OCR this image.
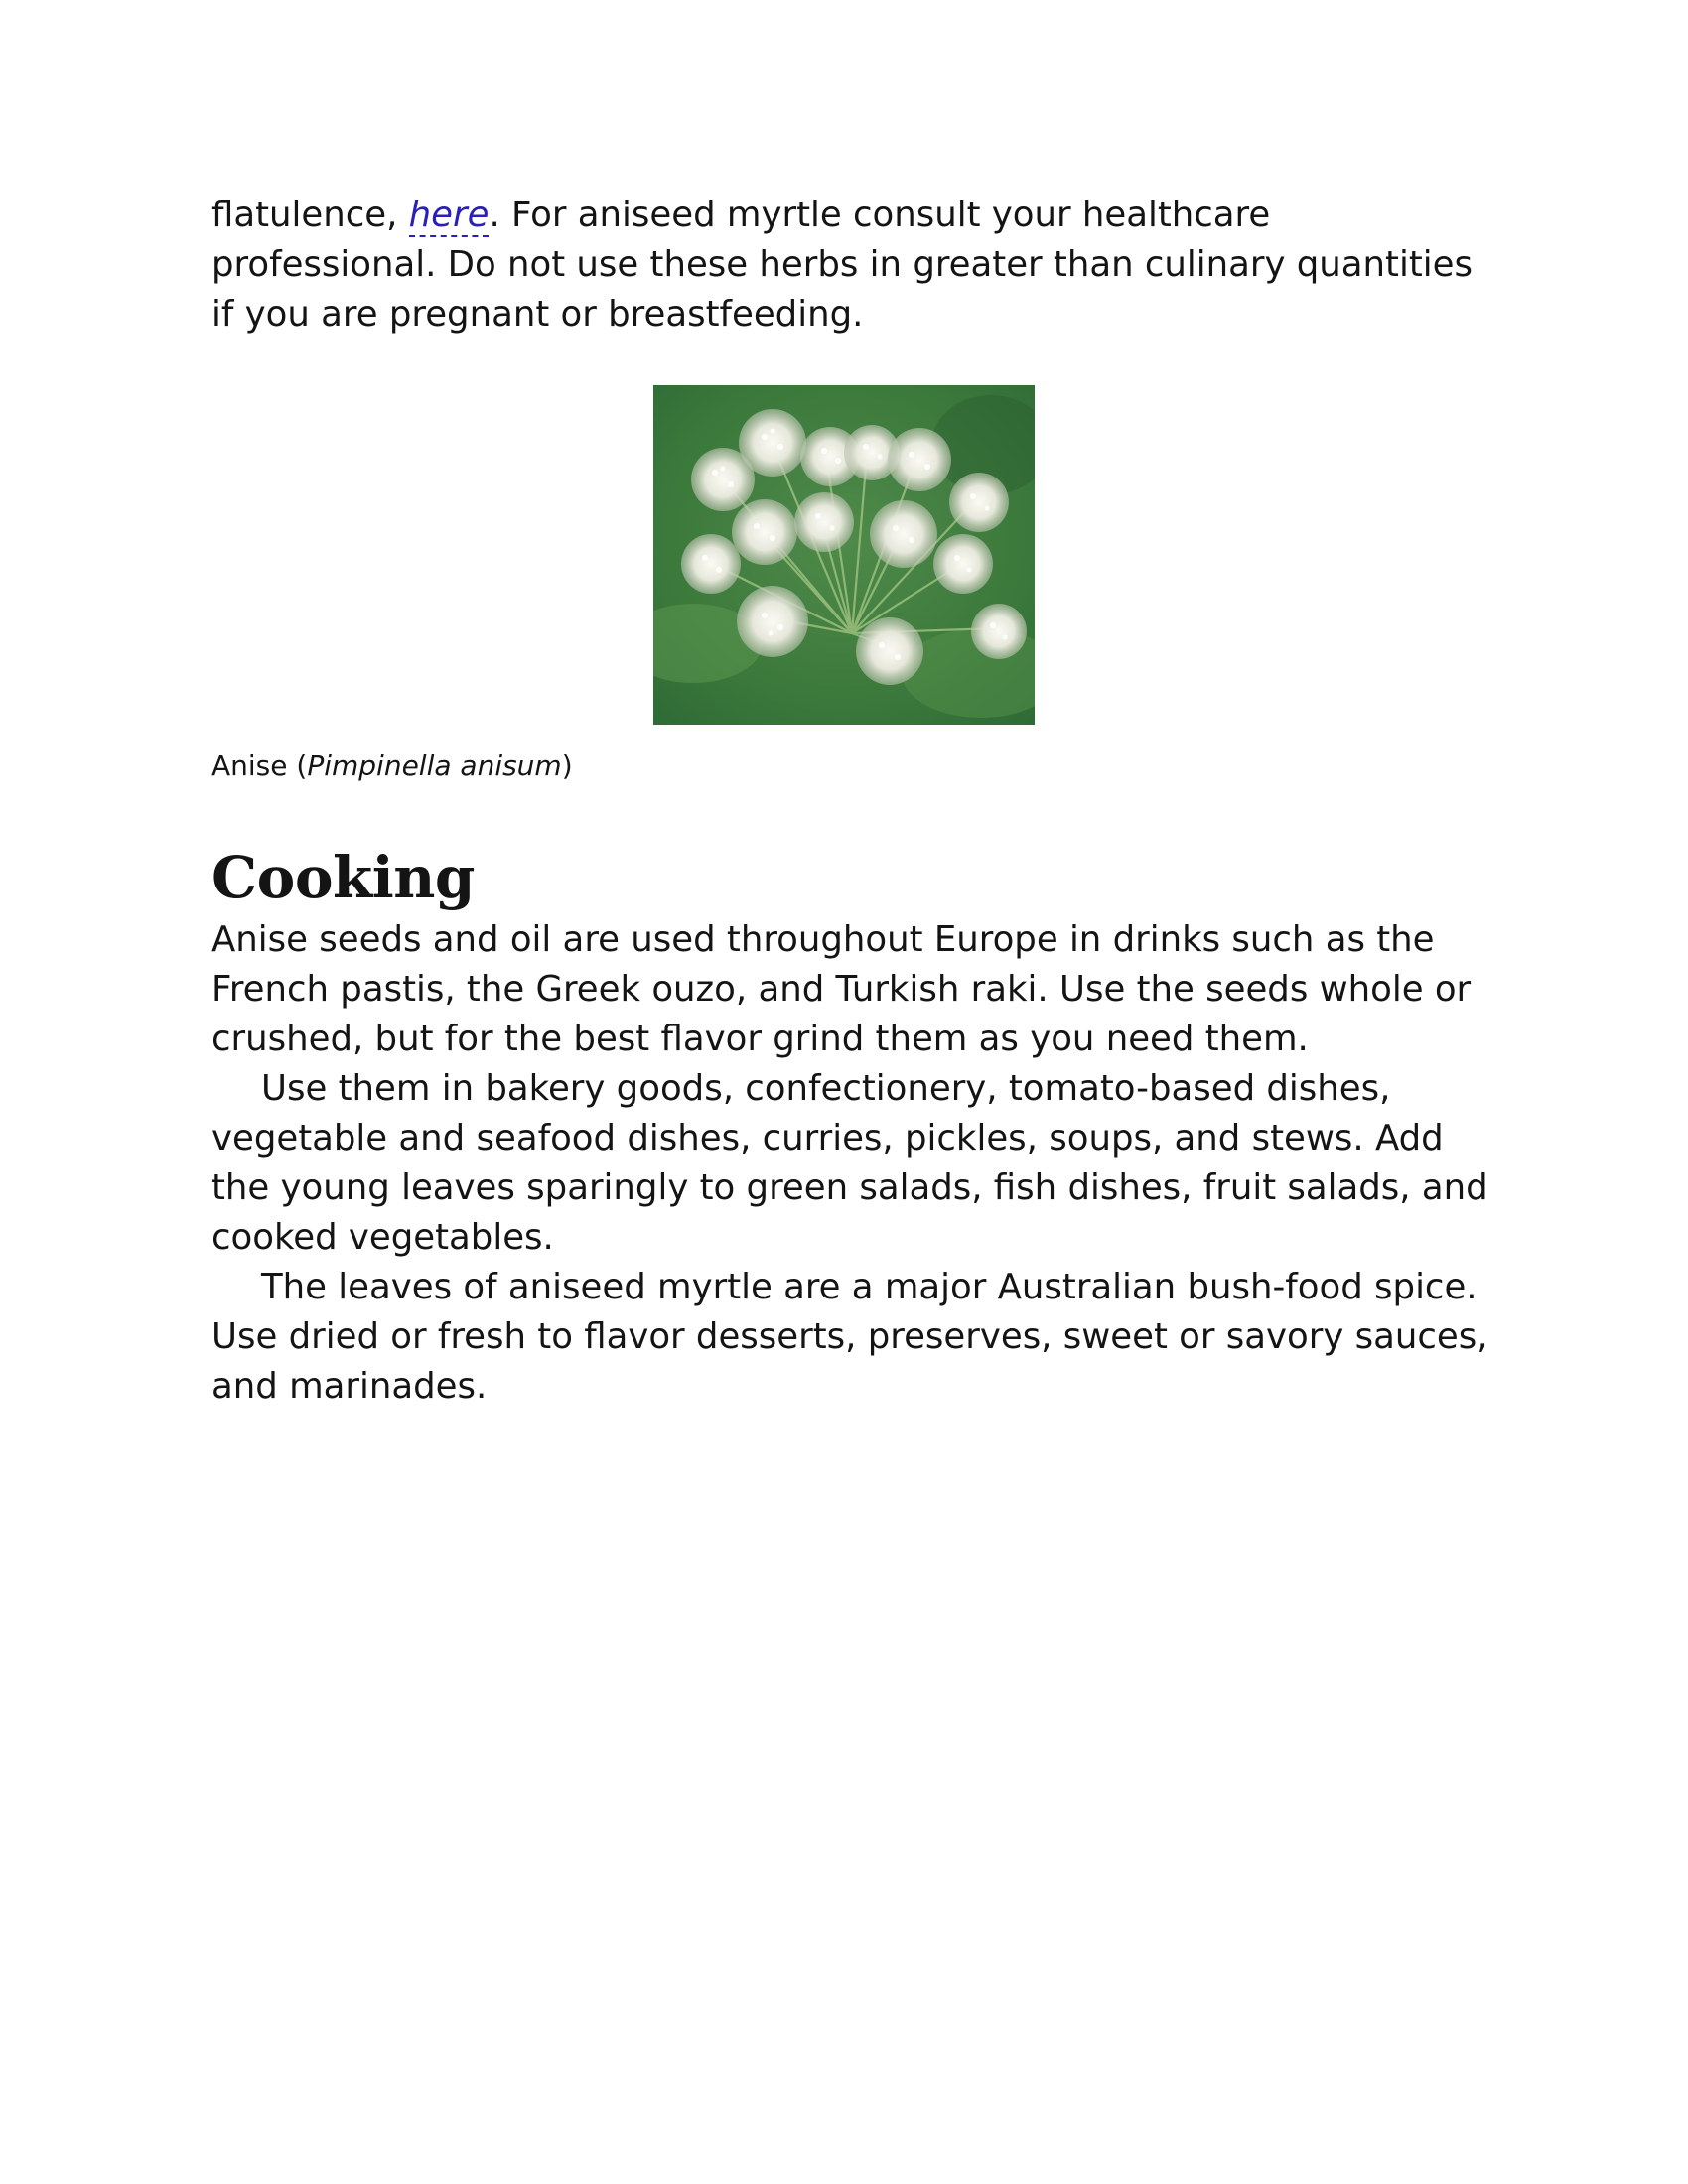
flatulence, here. For aniseed myrtle consult your healthcare professional. Do not use these herbs in greater than culinary quantities if you are pregnant or breastfeeding.

Anise (Pimpinella anisum)
Cooking

Anise seeds and oil are used throughout Europe in drinks such as the French pastis, the Greek ouzo, and Turkish raki. Use the seeds whole or crushed, but for the best flavor grind them as you need them.

Use them in bakery goods, confectionery, tomato-based dishes, vegetable and seafood dishes, curries, pickles, soups, and stews. Add the young leaves sparingly to green salads, fish dishes, fruit salads, and cooked vegetables.

The leaves of aniseed myrtle are a major Australian bush-food spice. Use dried or fresh to flavor desserts, preserves, sweet or savory sauces, and marinades.
